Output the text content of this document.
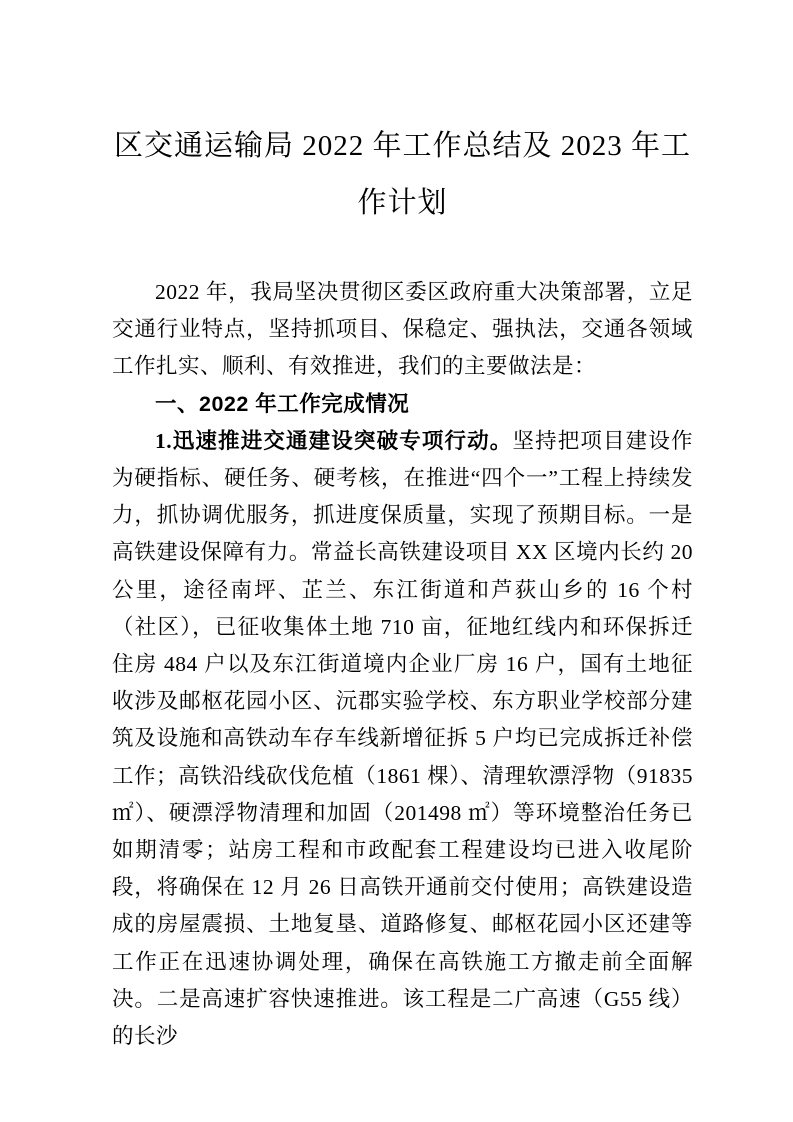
区交通运输局 2022 年工作总结及 2023 年工作计划

2022 年，我局坚决贯彻区委区政府重大决策部署，立足交通行业特点，坚持抓项目、保稳定、强执法，交通各领域工作扎实、顺利、有效推进，我们的主要做法是：

一、2022 年工作完成情况

1.迅速推进交通建设突破专项行动。坚持把项目建设作为硬指标、硬任务、硬考核，在推进“四个一”工程上持续发力，抓协调优服务，抓进度保质量，实现了预期目标。一是高铁建设保障有力。常益长高铁建设项目 XX 区境内长约 20 公里，途径南坪、芷兰、东江街道和芦荻山乡的 16 个村（社区），已征收集体土地 710 亩，征地红线内和环保拆迁住房 484 户以及东江街道境内企业厂房 16 户，国有土地征收涉及邮枢花园小区、沅郡实验学校、东方职业学校部分建筑及设施和高铁动车存车线新增征拆 5 户均已完成拆迁补偿工作；高铁沿线砍伐危植（1861 棵）、清理软漂浮物（91835 ㎡）、硬漂浮物清理和加固（201498 ㎡）等环境整治任务已如期清零；站房工程和市政配套工程建设均已进入收尾阶段，将确保在 12 月 26 日高铁开通前交付使用；高铁建设造成的房屋震损、土地复垦、道路修复、邮枢花园小区还建等工作正在迅速协调处理，确保在高铁施工方撤走前全面解决。二是高速扩容快速推进。该工程是二广高速（G55 线）的长沙
